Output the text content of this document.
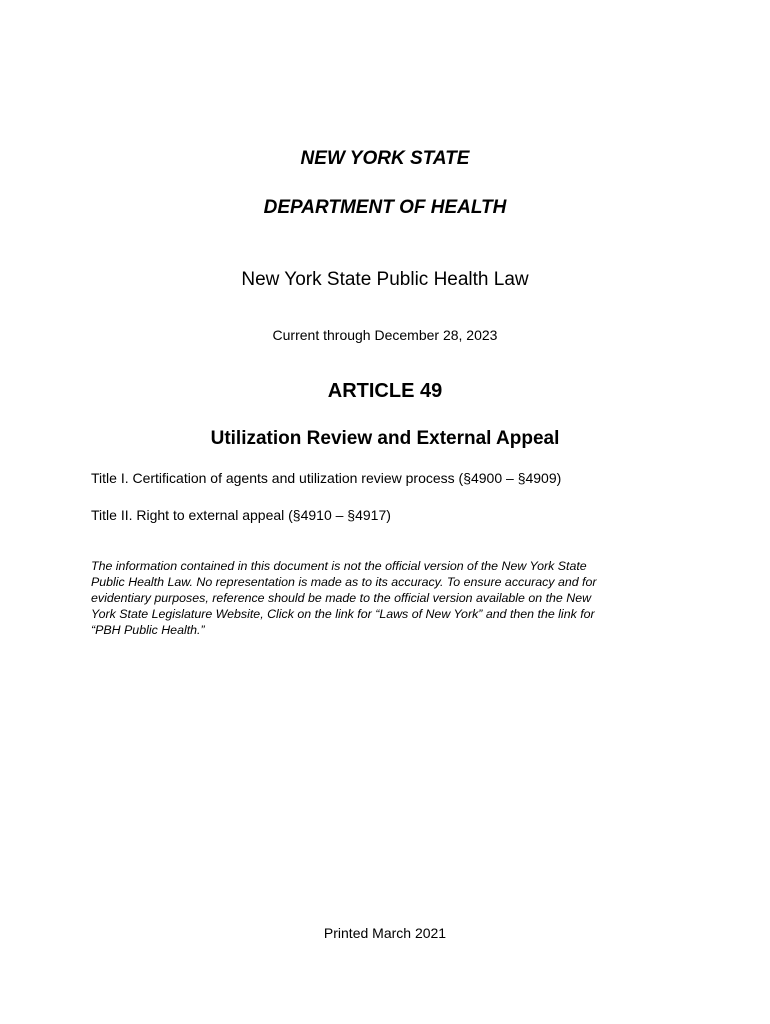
NEW YORK STATE
DEPARTMENT OF HEALTH
New York State Public Health Law
Current through December 28, 2023
ARTICLE 49
Utilization Review and External Appeal
Title I. Certification of agents and utilization review process (§4900 – §4909)
Title II. Right to external appeal (§4910 – §4917)
The information contained in this document is not the official version of the New York State
Public Health Law. No representation is made as to its accuracy. To ensure accuracy and for
evidentiary purposes, reference should be made to the official version available on the New
York State Legislature Website, Click on the link for “Laws of New York” and then the link for
“PBH Public Health.”
Printed March 2021
